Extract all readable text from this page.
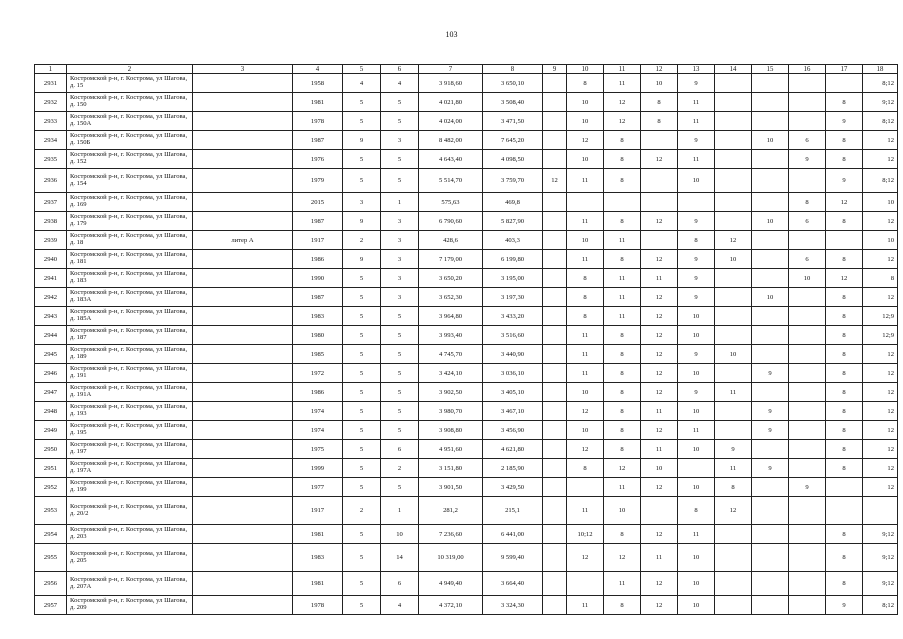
103
1	2	3	4	5	6	7	8	9	10	11	12	13	14	15	16	17	18
2931	Костромской р-н, г. Кострома, ул Шагова, д. 15		1958	4	4	3 918,60	3 650,10		8	11	10	9					8;12
2932	Костромской р-н, г. Кострома, ул Шагова, д. 150		1981	5	5	4 021,80	3 508,40		10	12	8	11				8	9;12
2933	Костромской р-н, г. Кострома, ул Шагова, д. 150А		1978	5	5	4 024,00	3 471,50		10	12	8	11				9	8;12
2934	Костромской р-н, г. Кострома, ул Шагова, д. 150Б		1987	9	3	8 482,00	7 645,20		12	8		9		10	6	8	12
2935	Костромской р-н, г. Кострома, ул Шагова, д. 152		1976	5	5	4 643,40	4 098,50		10	8	12	11			9	8	12
2936	Костромской р-н, г. Кострома, ул Шагова, д. 154		1979	5	5	5 514,70	3 759,70	12	11	8		10				9	8;12
2937	Костромской р-н, г. Кострома, ул Шагова, д. 169		2015	3	1	575,63	469,8								8	12	10
2938	Костромской р-н, г. Кострома, ул Шагова, д. 179		1987	9	3	6 790,60	5 827,90		11	8	12	9		10	6	8	12
2939	Костромской р-н, г. Кострома, ул Шагова, д. 18	литер А	1917	2	3	428,6	403,3		10	11		8	12				10
2940	Костромской р-н, г. Кострома, ул Шагова, д. 181		1986	9	3	7 179,00	6 199,80		11	8	12	9	10		6	8	12
2941	Костромской р-н, г. Кострома, ул Шагова, д. 183		1990	5	3	3 650,20	3 195,00		8	11	11	9			10	12	8
2942	Костромской р-н, г. Кострома, ул Шагова, д. 183А		1987	5	3	3 652,30	3 197,30		8	11	12	9		10		8	12
2943	Костромской р-н, г. Кострома, ул Шагова, д. 185А		1983	5	5	3 964,80	3 433,20		8	11	12	10				8	12;9
2944	Костромской р-н, г. Кострома, ул Шагова, д. 187		1980	5	5	3 993,40	3 516,60		11	8	12	10				8	12;9
2945	Костромской р-н, г. Кострома, ул Шагова, д. 189		1985	5	5	4 745,70	3 440,90		11	8	12	9	10			8	12
2946	Костромской р-н, г. Кострома, ул Шагова, д. 191		1972	5	5	3 424,10	3 036,10		11	8	12	10		9		8	12
2947	Костромской р-н, г. Кострома, ул Шагова, д. 191А		1986	5	5	3 902,50	3 405,10		10	8	12	9	11			8	12
2948	Костромской р-н, г. Кострома, ул Шагова, д. 193		1974	5	5	3 980,70	3 467,10		12	8	11	10		9		8	12
2949	Костромской р-н, г. Кострома, ул Шагова, д. 195		1974	5	5	3 908,80	3 456,90		10	8	12	11		9		8	12
2950	Костромской р-н, г. Кострома, ул Шагова, д. 197		1975	5	6	4 951,60	4 621,80		12	8	11	10	9			8	12
2951	Костромской р-н, г. Кострома, ул Шагова, д. 197А		1999	5	2	3 151,80	2 185,90		8	12	10		11	9		8	12
2952	Костромской р-н, г. Кострома, ул Шагова, д. 199		1977	5	5	3 901,50	3 429,50			11	12	10	8		9		12
2953	Костромской р-н, г. Кострома, ул Шагова, д. 20/2		1917	2	1	281,2	215,1		11	10		8	12				
2954	Костромской р-н, г. Кострома, ул Шагова, д. 203		1981	5	10	7 236,60	6 441,00		10;12	8	12	11				8	9;12
2955	Костромской р-н, г. Кострома, ул Шагова, д. 205		1983	5	14	10 319,00	9 599,40		12	12	11	10				8	9;12
2956	Костромской р-н, г. Кострома, ул Шагова, д. 207А		1981	5	6	4 949,40	3 664,40			11	12	10				8	9;12
2957	Костромской р-н, г. Кострома, ул Шагова, д. 209		1978	5	4	4 372,10	3 324,30		11	8	12	10				9	8;12
